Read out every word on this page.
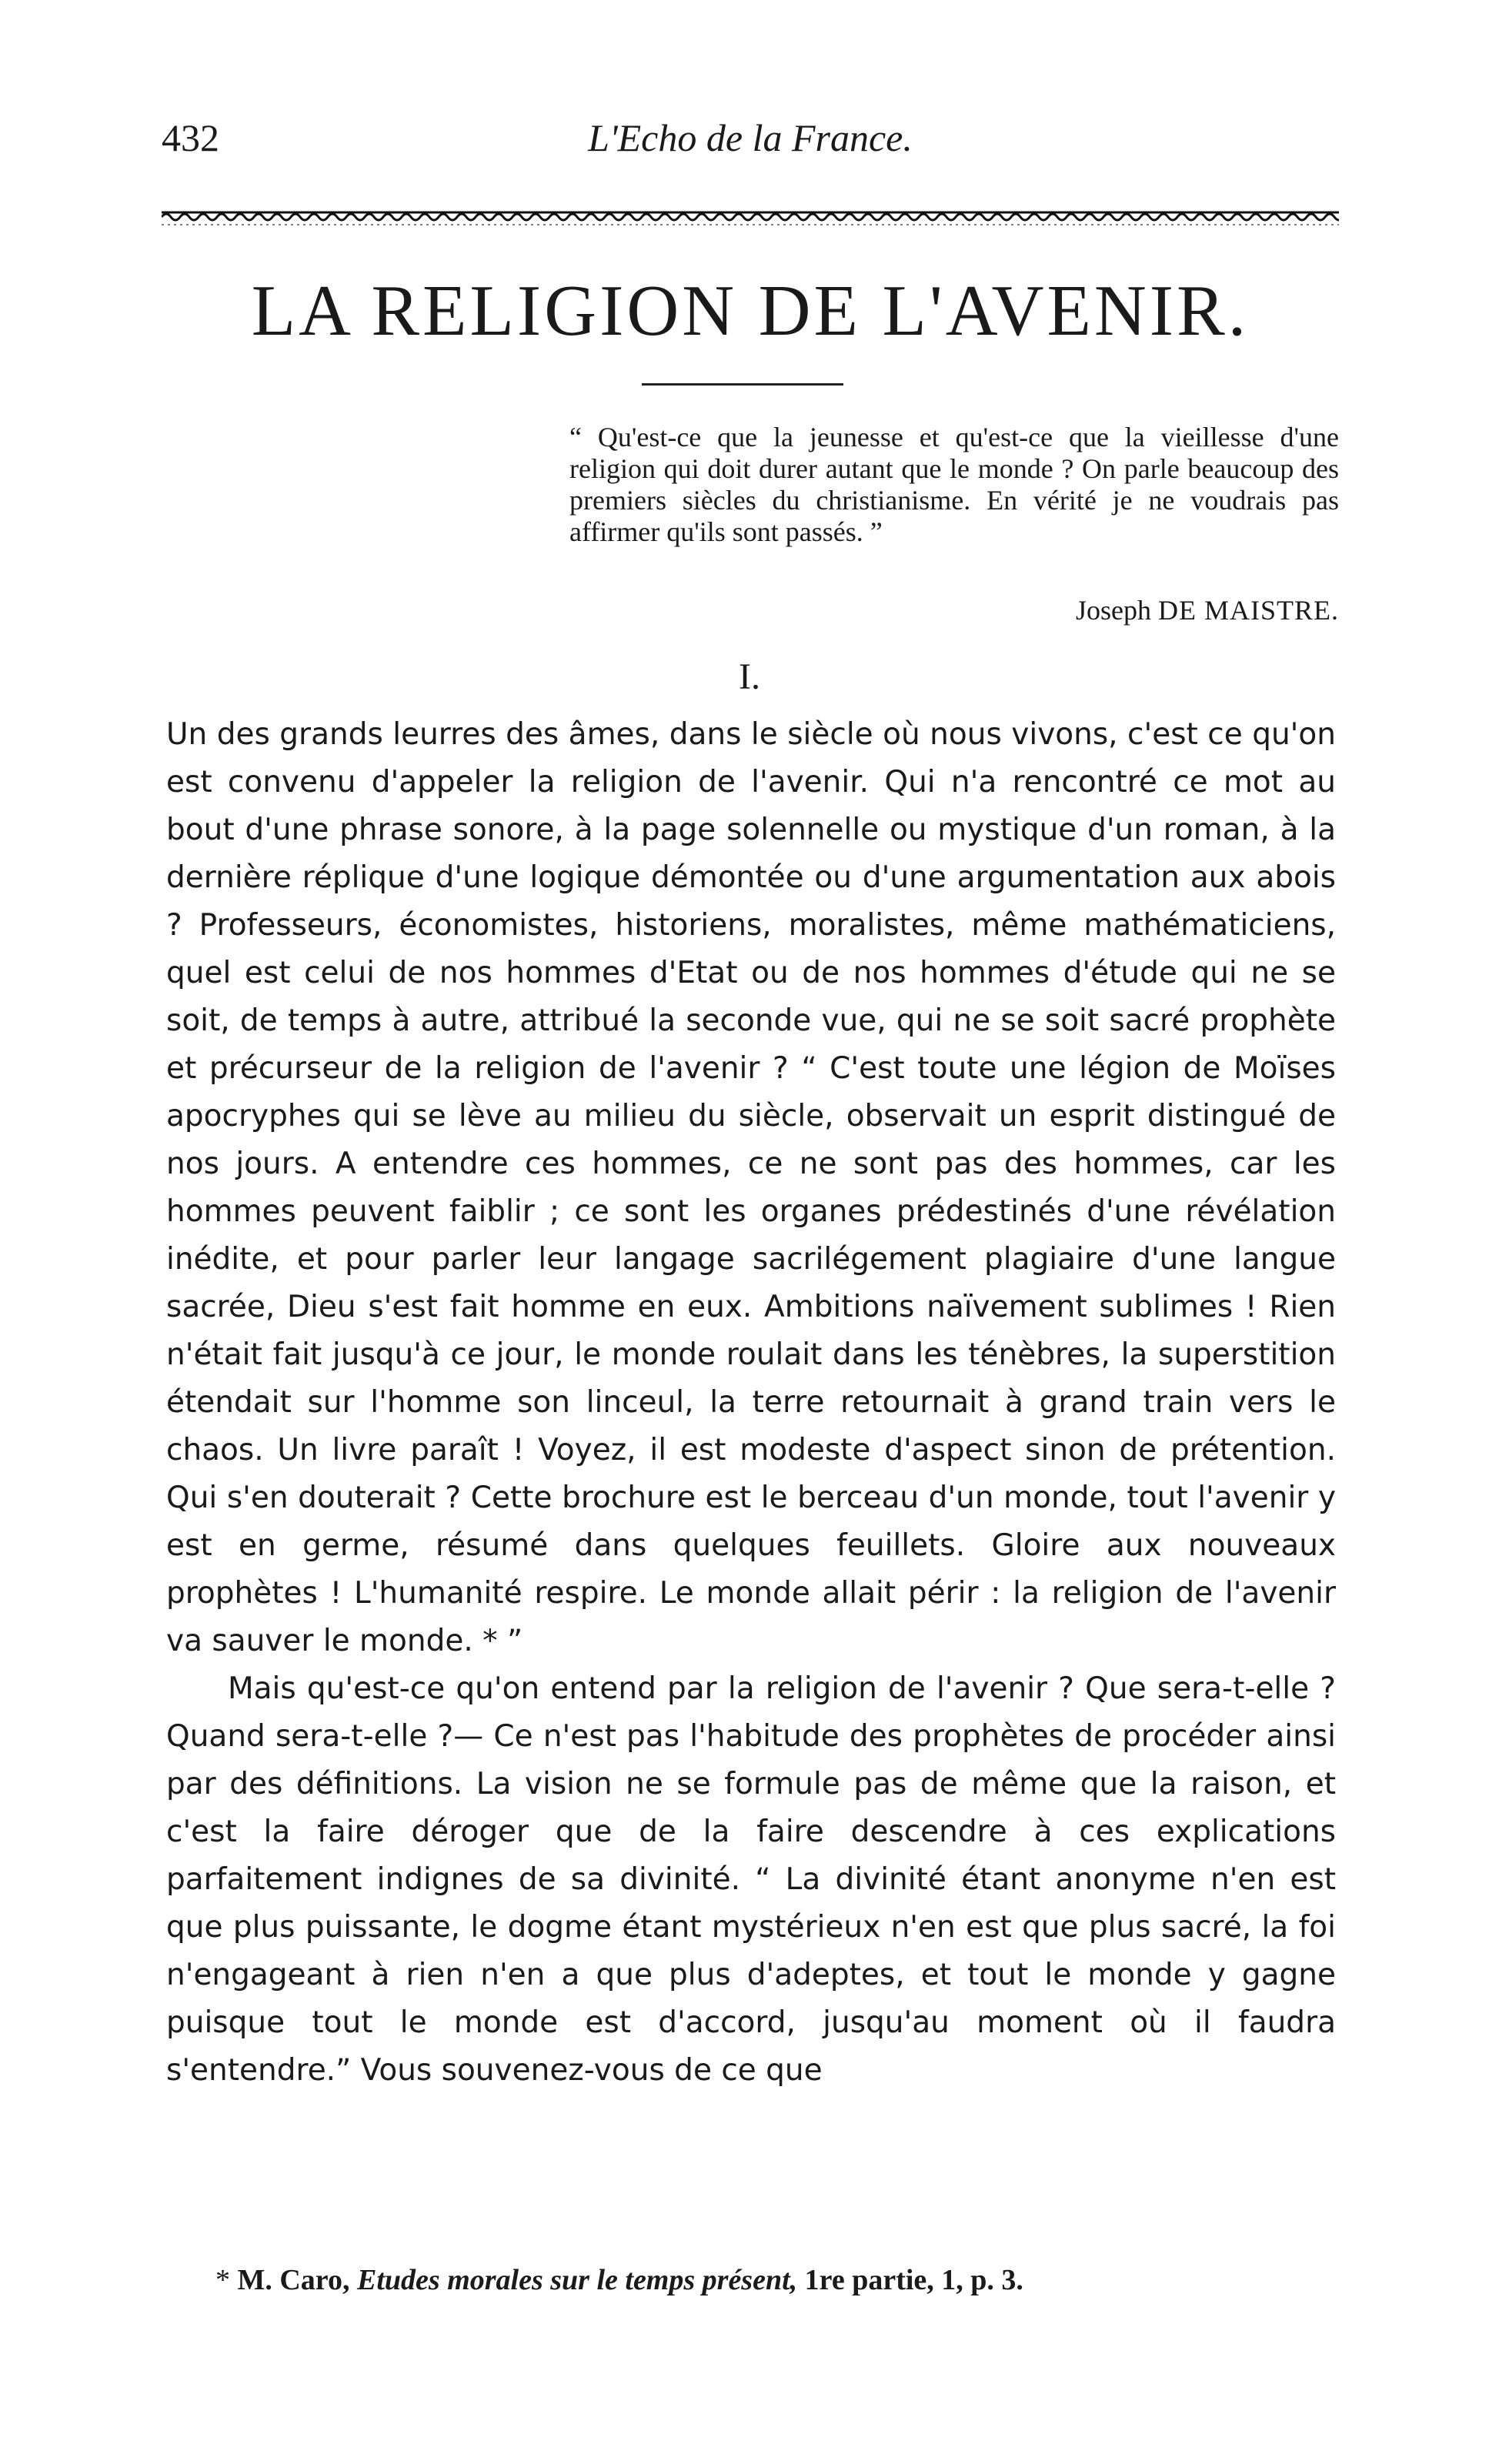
432	L'Echo de la France.
LA RELIGION DE L'AVENIR.

“ Qu'est-ce que la jeunesse et qu'est-ce que la vieillesse d'une religion qui doit durer autant que le monde ? On parle beaucoup des premiers siècles du christianisme. En vérité je ne voudrais pas affirmer qu'ils sont passés. ”

Joseph DE MAISTRE.
I.

Un des grands leurres des âmes, dans le siècle où nous vivons, c'est ce qu'on est convenu d'appeler la religion de l'avenir. Qui n'a rencontré ce mot au bout d'une phrase sonore, à la page solennelle ou mystique d'un roman, à la dernière réplique d'une logique démontée ou d'une argumentation aux abois ? Professeurs, économistes, historiens, moralistes, même mathématiciens, quel est celui de nos hommes d'Etat ou de nos hommes d'étude qui ne se soit, de temps à autre, attribué la seconde vue, qui ne se soit sacré prophète et précurseur de la religion de l'avenir ? “ C'est toute une légion de Moïses apocryphes qui se lève au milieu du siècle, observait un esprit distingué de nos jours. A entendre ces hommes, ce ne sont pas des hommes, car les hommes peuvent faiblir ; ce sont les organes prédestinés d'une révélation inédite, et pour parler leur langage sacrilégement plagiaire d'une langue sacrée, Dieu s'est fait homme en eux. Ambitions naïvement sublimes ! Rien n'était fait jusqu'à ce jour, le monde roulait dans les ténèbres, la superstition étendait sur l'homme son linceul, la terre retournait à grand train vers le chaos. Un livre paraît ! Voyez, il est modeste d'aspect sinon de prétention. Qui s'en douterait ? Cette brochure est le berceau d'un monde, tout l'avenir y est en germe, résumé dans quelques feuillets. Gloire aux nouveaux prophètes ! L'humanité respire. Le monde allait périr : la religion de l'avenir va sauver le monde. * ”

Mais qu'est-ce qu'on entend par la religion de l'avenir ? Que sera-t-elle ? Quand sera-t-elle ?— Ce n'est pas l'habitude des prophètes de procéder ainsi par des définitions. La vision ne se formule pas de même que la raison, et c'est la faire déroger que de la faire descendre à ces explications parfaitement indignes de sa divinité. “ La divinité étant anonyme n'en est que plus puissante, le dogme étant mystérieux n'en est que plus sacré, la foi n'engageant à rien n'en a que plus d'adeptes, et tout le monde y gagne puisque tout le monde est d'accord, jusqu'au moment où il faudra s'entendre.” Vous souvenez-vous de ce que

* M. Caro, Etudes morales sur le temps présent, 1re partie, 1, p. 3.
